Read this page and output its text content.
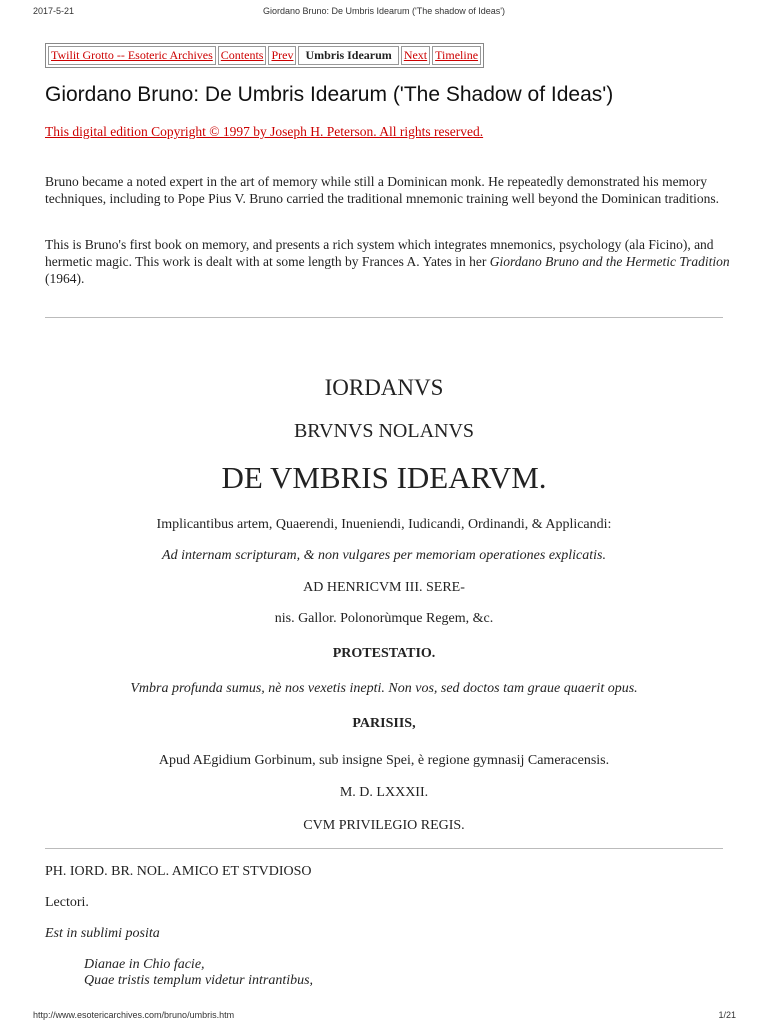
2017-5-21	Giordano Bruno: De Umbris Idearum ('The shadow of Ideas')
Twilit Grotto -- Esoteric Archives	Contents	Prev	Umbris Idearum	Next	Timeline
Giordano Bruno: De Umbris Idearum ('The Shadow of Ideas')
This digital edition Copyright © 1997 by Joseph H. Peterson. All rights reserved.

Bruno became a noted expert in the art of memory while still a Dominican monk. He repeatedly demonstrated his memory techniques, including to Pope Pius V. Bruno carried the traditional mnemonic training well beyond the Dominican traditions.

This is Bruno's first book on memory, and presents a rich system which integrates mnemonics, psychology (ala Ficino), and hermetic magic. This work is dealt with at some length by Frances A. Yates in her Giordano Bruno and the Hermetic Tradition (1964).

IORDANVS

BRVNVS NOLANVS

DE VMBRIS IDEARVM.

Implicantibus artem, Quaerendi, Inueniendi, Iudicandi, Ordinandi, & Applicandi:

Ad internam scripturam, & non vulgares per memoriam operationes explicatis.

AD HENRICVM III. SERE-

nis. Gallor. Polonorùmque Regem, &c.

PROTESTATIO.

Vmbra profunda sumus, nè nos vexetis inepti. Non vos, sed doctos tam graue quaerit opus.

PARISIIS,

Apud AEgidium Gorbinum, sub insigne Spei, è regione gymnasij Cameracensis.

M. D. LXXXII.

CVM PRIVILEGIO REGIS.

PH. IORD. BR. NOL. AMICO ET STVDIOSO

Lectori.

Est in sublimi posita

Dianae in Chio facie,
Quae tristis templum videtur intrantibus,
http://www.esotericarchives.com/bruno/umbris.htm	1/21
